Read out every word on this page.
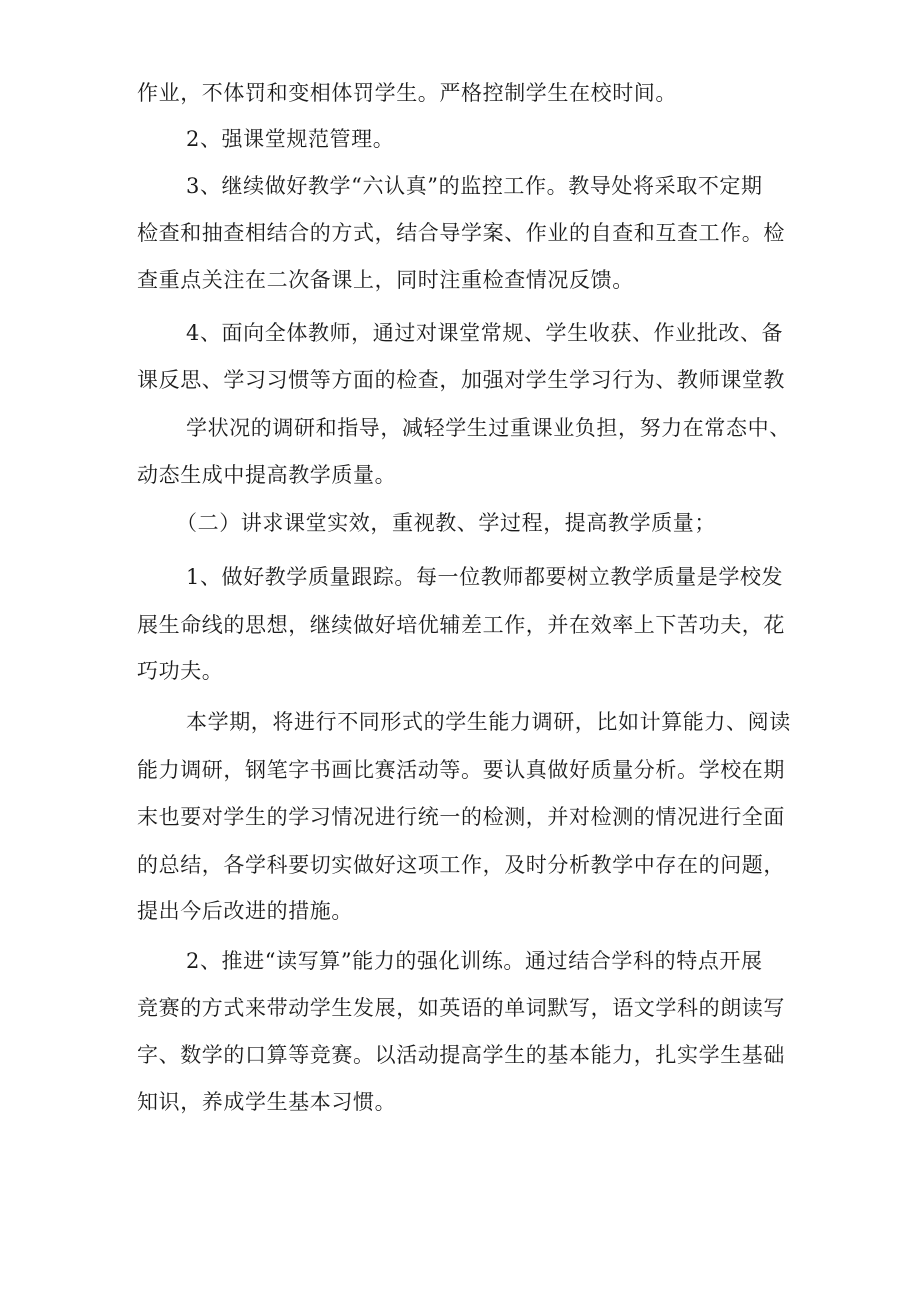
作业，不体罚和变相体罚学生。严格控制学生在校时间。
2、强课堂规范管理。
3、继续做好教学“六认真”的监控工作。教导处将采取不定期
检查和抽查相结合的方式，结合导学案、作业的自查和互查工作。检
查重点关注在二次备课上，同时注重检查情况反馈。
4、面向全体教师，通过对课堂常规、学生收获、作业批改、备
课反思、学习习惯等方面的检查，加强对学生学习行为、教师课堂教
学状况的调研和指导，减轻学生过重课业负担，努力在常态中、
动态生成中提高教学质量。
（二）讲求课堂实效，重视教、学过程，提高教学质量；
1、做好教学质量跟踪。每一位教师都要树立教学质量是学校发
展生命线的思想，继续做好培优辅差工作，并在效率上下苦功夫，花
巧功夫。
本学期，将进行不同形式的学生能力调研，比如计算能力、阅读
能力调研，钢笔字书画比赛活动等。要认真做好质量分析。学校在期
末也要对学生的学习情况进行统一的检测，并对检测的情况进行全面
的总结，各学科要切实做好这项工作，及时分析教学中存在的问题，
提出今后改进的措施。
2、推进“读写算”能力的强化训练。通过结合学科的特点开展
竞赛的方式来带动学生发展，如英语的单词默写，语文学科的朗读写
字、数学的口算等竞赛。以活动提高学生的基本能力，扎实学生基础
知识，养成学生基本习惯。
